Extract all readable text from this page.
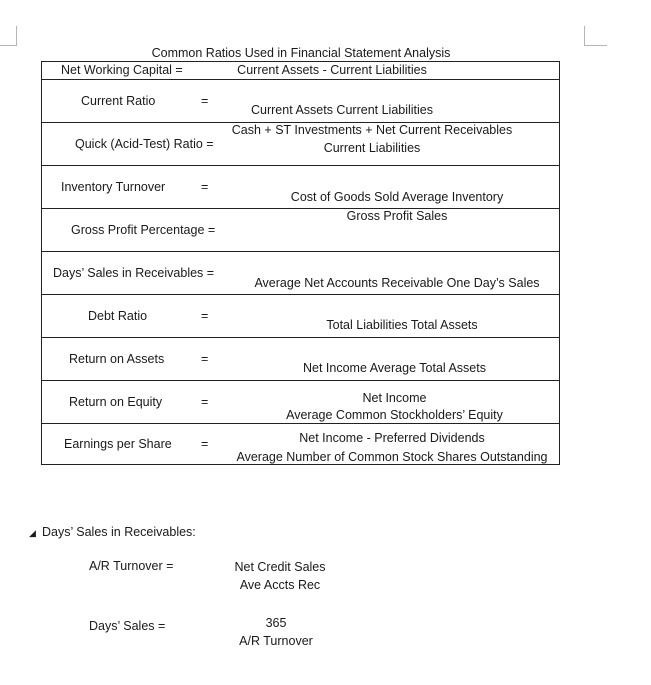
Common Ratios Used in Financial Statement Analysis
Net Working Capital =	Current Assets - Current Liabilities

Current Ratio	=
Current Assets Current Liabilities

Quick (Acid-Test) Ratio =
Cash + ST Investments + Net Current Receivables
Current Liabilities

Inventory Turnover	=
Cost of Goods Sold Average Inventory

Gross Profit Percentage =
Gross Profit Sales

Days’ Sales in Receivables =
Average Net Accounts Receivable One Day’s Sales

Debt Ratio	=
Total Liabilities Total Assets

Return on Assets	=
Net Income Average Total Assets

Return on Equity	=	Net Income
Average Common Stockholders’ Equity

Earnings per Share =	Net Income - Preferred Dividends
Average Number of Common Stock Shares Outstanding
◢ Days’ Sales in Receivables:
A/R Turnover =	Net Credit Sales
Ave Accts Rec
Days’ Sales =	365
A/R Turnover
